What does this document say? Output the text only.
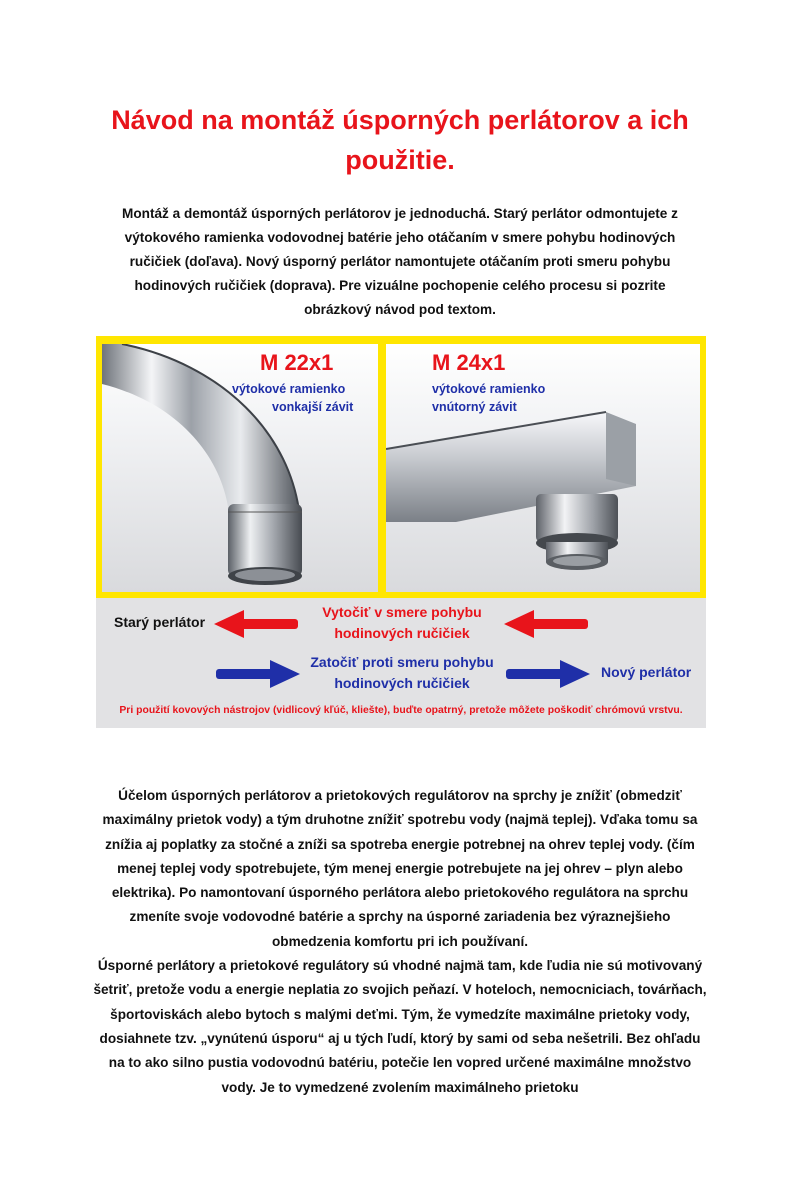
Návod na montáž úsporných perlátorov a ich použitie.

Montáž a demontáž úsporných perlátorov je jednoduchá. Starý perlátor odmontujete z výtokového ramienka vodovodnej batérie jeho otáčaním v smere pohybu hodinových ručičiek (doľava). Nový úsporný perlátor namontujete otáčaním proti smeru pohybu hodinových ručičiek (doprava). Pre vizuálne pochopenie celého procesu si pozrite obrázkový návod pod textom.

M 22x1
výtokové ramienko
vonkajší závit
M 24x1
výtokové ramienko
vnútorný závit
Starý perlátor
Vytočiť v smere pohybu
hodinových ručičiek
Zatočiť proti smeru pohybu
hodinových ručičiek
Nový perlátor
Pri použití kovových nástrojov (vidlicový kľúč, kliešte), buďte opatrný, pretože môžete poškodiť chrómovú vrstvu.

Účelom úsporných perlátorov a prietokových regulátorov na sprchy je znížiť (obmedziť maximálny prietok vody) a tým druhotne znížiť spotrebu vody (najmä teplej). Vďaka tomu sa znížia aj poplatky za stočné a zníži sa spotreba energie potrebnej na ohrev teplej vody. (čím menej teplej vody spotrebujete, tým menej energie potrebujete na jej ohrev – plyn alebo elektrika). Po namontovaní úsporného perlátora alebo prietokového regulátora na sprchu zmeníte svoje vodovodné batérie a sprchy na úsporné zariadenia bez výraznejšieho obmedzenia komfortu pri ich používaní.

Úsporné perlátory a prietokové regulátory sú vhodné najmä tam, kde ľudia nie sú motivovaný šetriť, pretože vodu a energie neplatia zo svojich peňazí. V hoteloch, nemocniciach, továrňach, športoviskách alebo bytoch s malými deťmi. Tým, že vymedzíte maximálne prietoky vody, dosiahnete tzv. „vynútenú úsporu“ aj u tých ľudí, ktorý by sami od seba nešetrili. Bez ohľadu na to ako silno pustia vodovodnú batériu, potečie len vopred určené maximálne množstvo vody. Je to vymedzené zvolením maximálneho prietoku
